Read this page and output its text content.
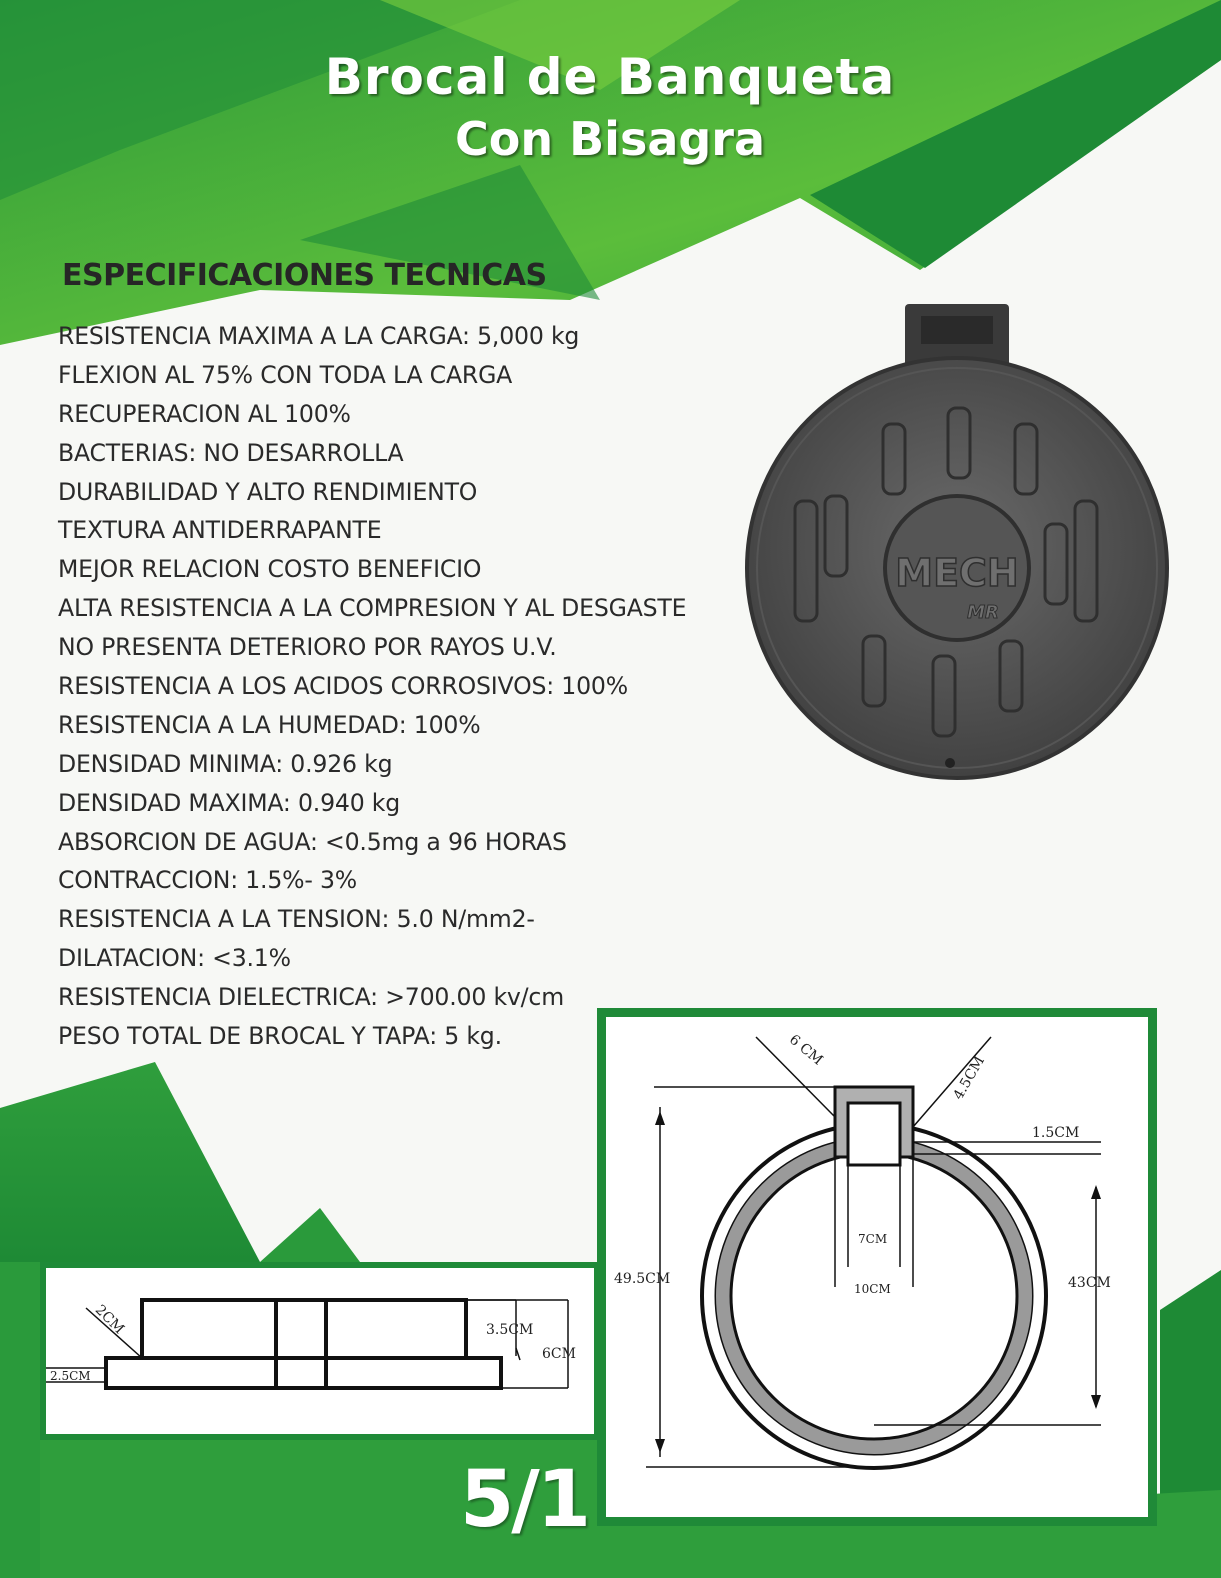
Brocal de Banqueta
Con Bisagra
ESPECIFICACIONES TECNICAS
RESISTENCIA MAXIMA A LA CARGA: 5,000 kg
FLEXION AL 75% CON TODA LA CARGA
RECUPERACION AL 100%
BACTERIAS: NO DESARROLLA
DURABILIDAD Y ALTO RENDIMIENTO
TEXTURA ANTIDERRAPANTE
MEJOR RELACION COSTO BENEFICIO
ALTA RESISTENCIA A LA COMPRESION Y AL DESGASTE
NO PRESENTA DETERIORO POR RAYOS U.V.
RESISTENCIA A LOS ACIDOS CORROSIVOS: 100%
RESISTENCIA A LA HUMEDAD: 100%
DENSIDAD MINIMA: 0.926 kg
DENSIDAD MAXIMA: 0.940 kg
ABSORCION DE AGUA: <0.5mg a 96 HORAS
CONTRACCION: 1.5%- 3%
RESISTENCIA A LA TENSION: 5.0 N/mm2-
DILATACION: <3.1%
RESISTENCIA DIELECTRICA: >700.00 kv/cm
PESO TOTAL DE BROCAL Y TAPA: 5 kg.
MECH
MR
2CM
2.5CM
3.5CM
6CM
6 CM
4.5CM
1.5CM
7CM
10CM
49.5CM	43CM

5/1
